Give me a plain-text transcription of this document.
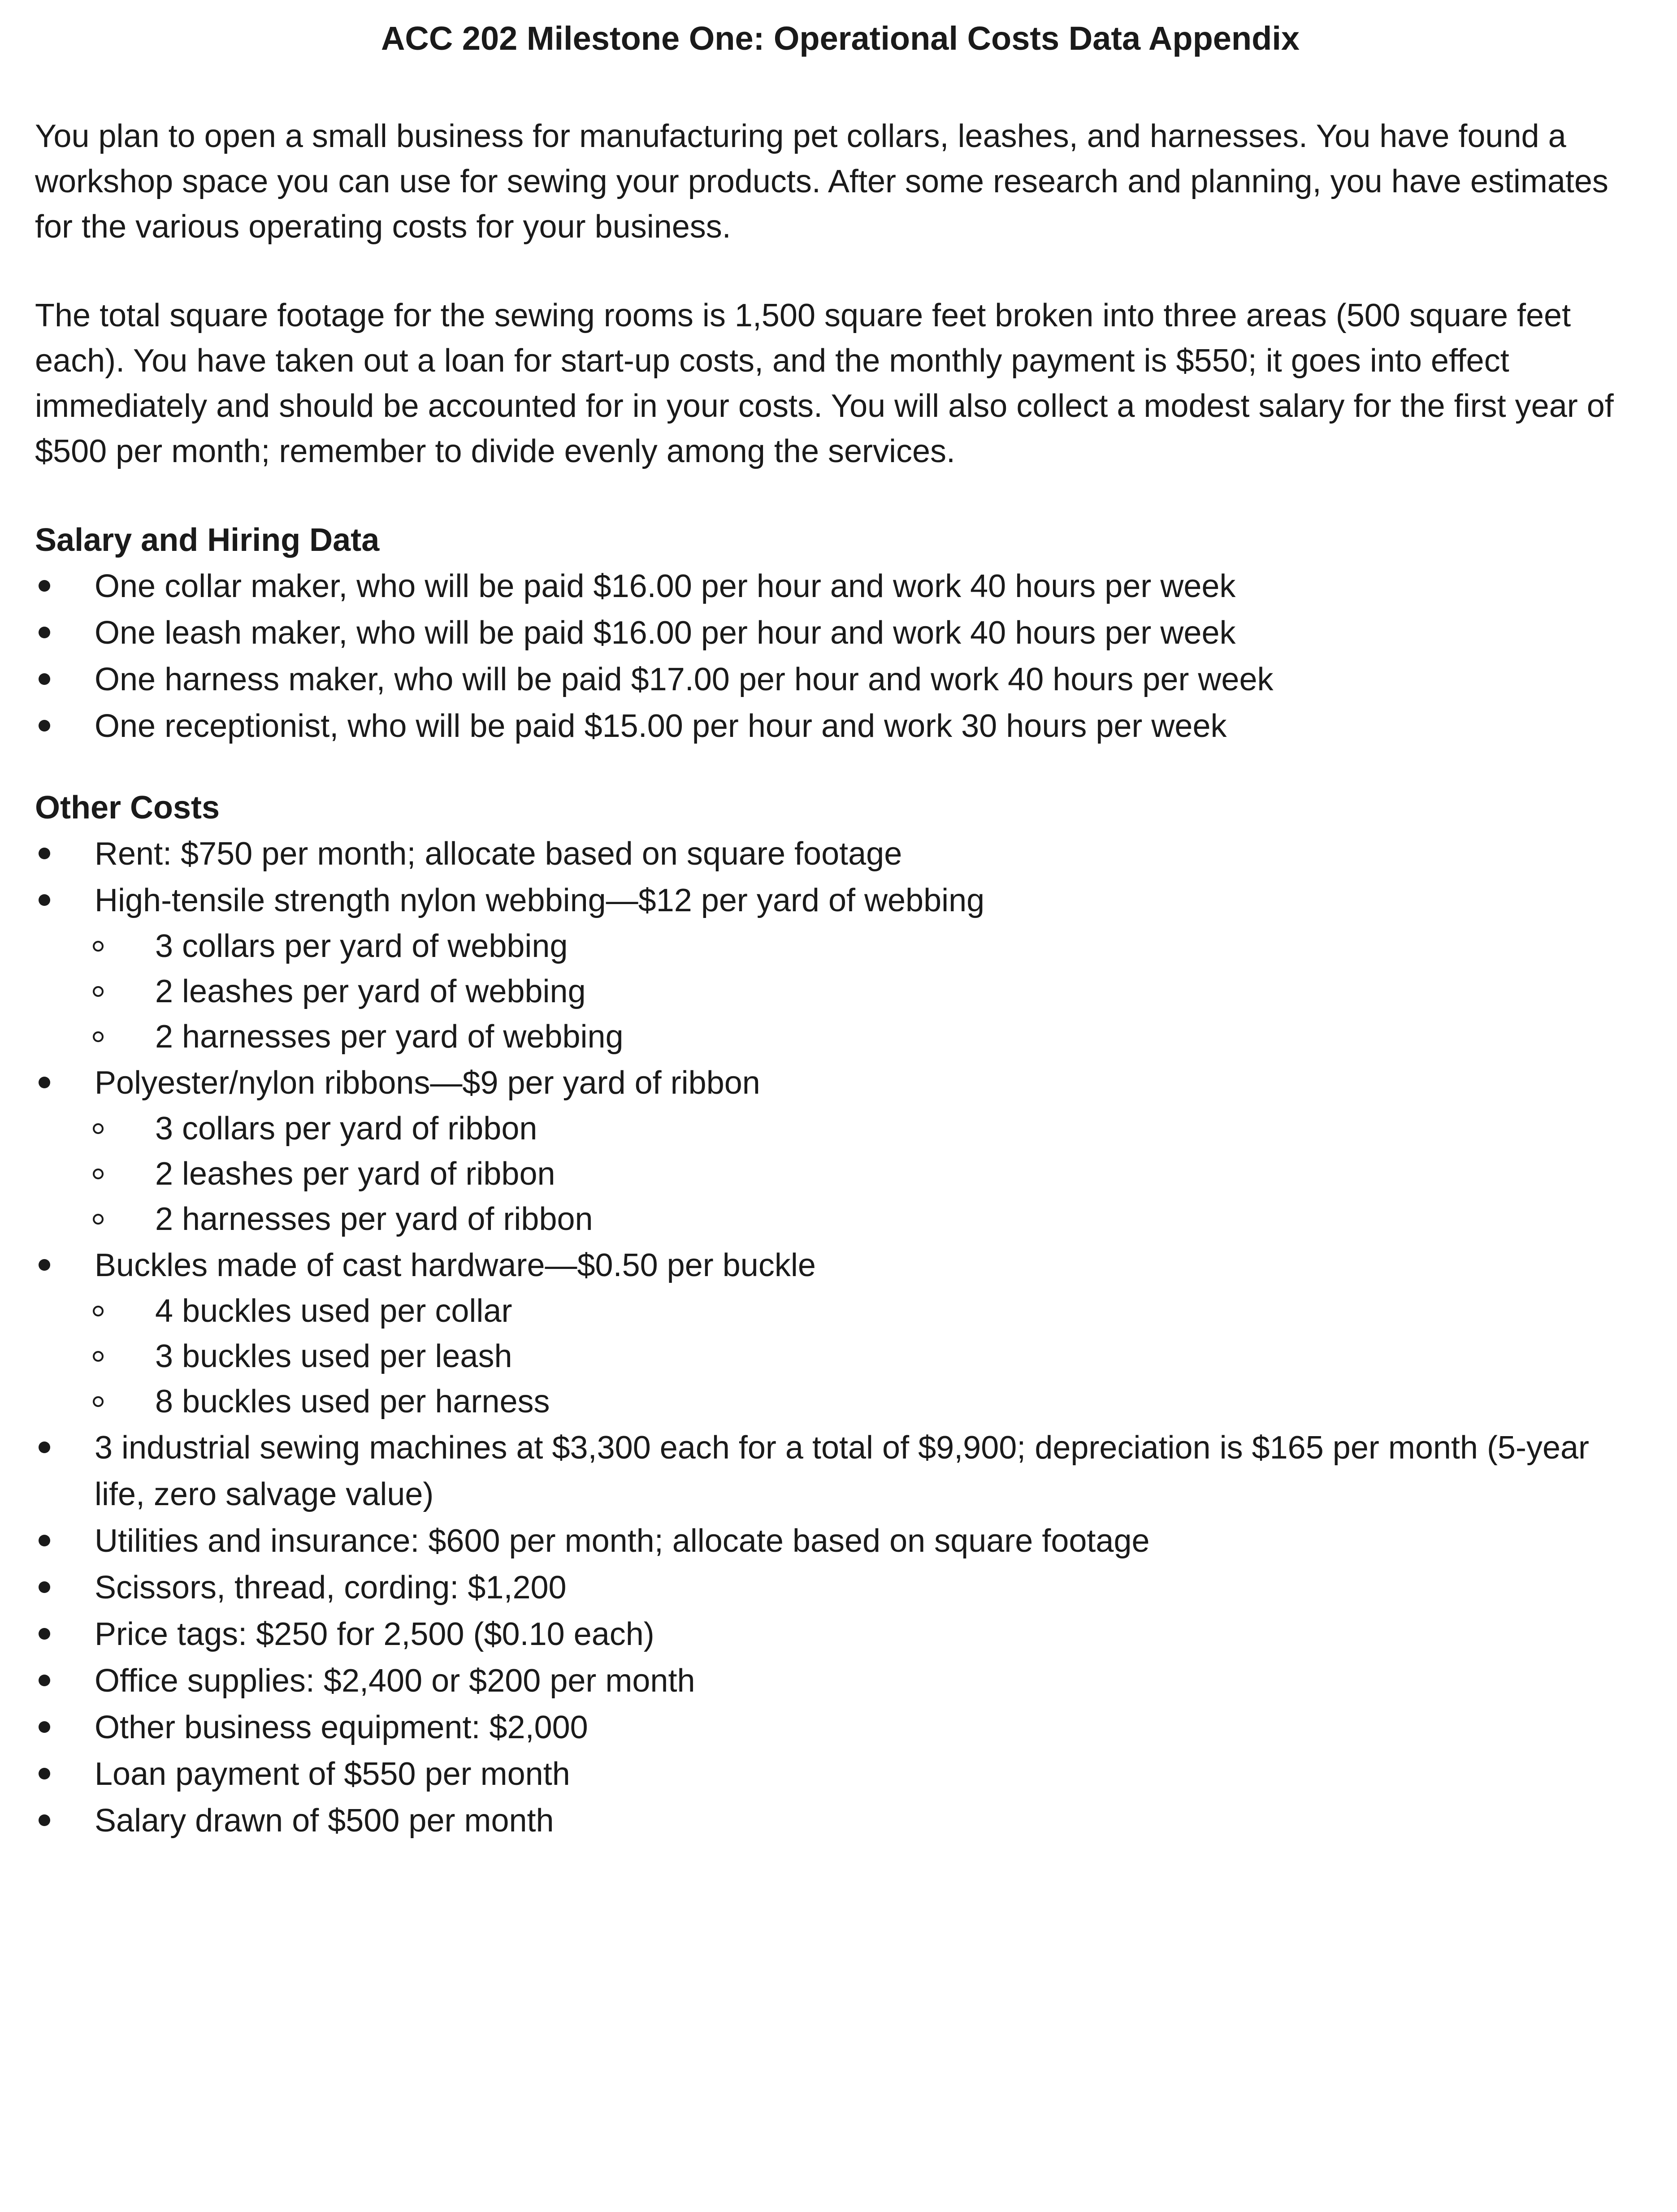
ACC 202 Milestone One: Operational Costs Data Appendix

You plan to open a small business for manufacturing pet collars, leashes, and harnesses. You have found a workshop space you can use for sewing your products. After some research and planning, you have estimates for the various operating costs for your business.

The total square footage for the sewing rooms is 1,500 square feet broken into three areas (500 square feet each). You have taken out a loan for start-up costs, and the monthly payment is $550; it goes into effect immediately and should be accounted for in your costs. You will also collect a modest salary for the first year of $500 per month; remember to divide evenly among the services.

Salary and Hiring Data
One collar maker, who will be paid $16.00 per hour and work 40 hours per week
One leash maker, who will be paid $16.00 per hour and work 40 hours per week
One harness maker, who will be paid $17.00 per hour and work 40 hours per week
One receptionist, who will be paid $15.00 per hour and work 30 hours per week
Other Costs
Rent: $750 per month; allocate based on square footage
High-tensile strength nylon webbing—$12 per yard of webbing
3 collars per yard of webbing
2 leashes per yard of webbing
2 harnesses per yard of webbing
Polyester/nylon ribbons—$9 per yard of ribbon
3 collars per yard of ribbon
2 leashes per yard of ribbon
2 harnesses per yard of ribbon
Buckles made of cast hardware—$0.50 per buckle
4 buckles used per collar
3 buckles used per leash
8 buckles used per harness
3 industrial sewing machines at $3,300 each for a total of $9,900; depreciation is $165 per month (5-year life, zero salvage value)
Utilities and insurance: $600 per month; allocate based on square footage
Scissors, thread, cording: $1,200
Price tags: $250 for 2,500 ($0.10 each)
Office supplies: $2,400 or $200 per month
Other business equipment: $2,000
Loan payment of $550 per month
Salary drawn of $500 per month
